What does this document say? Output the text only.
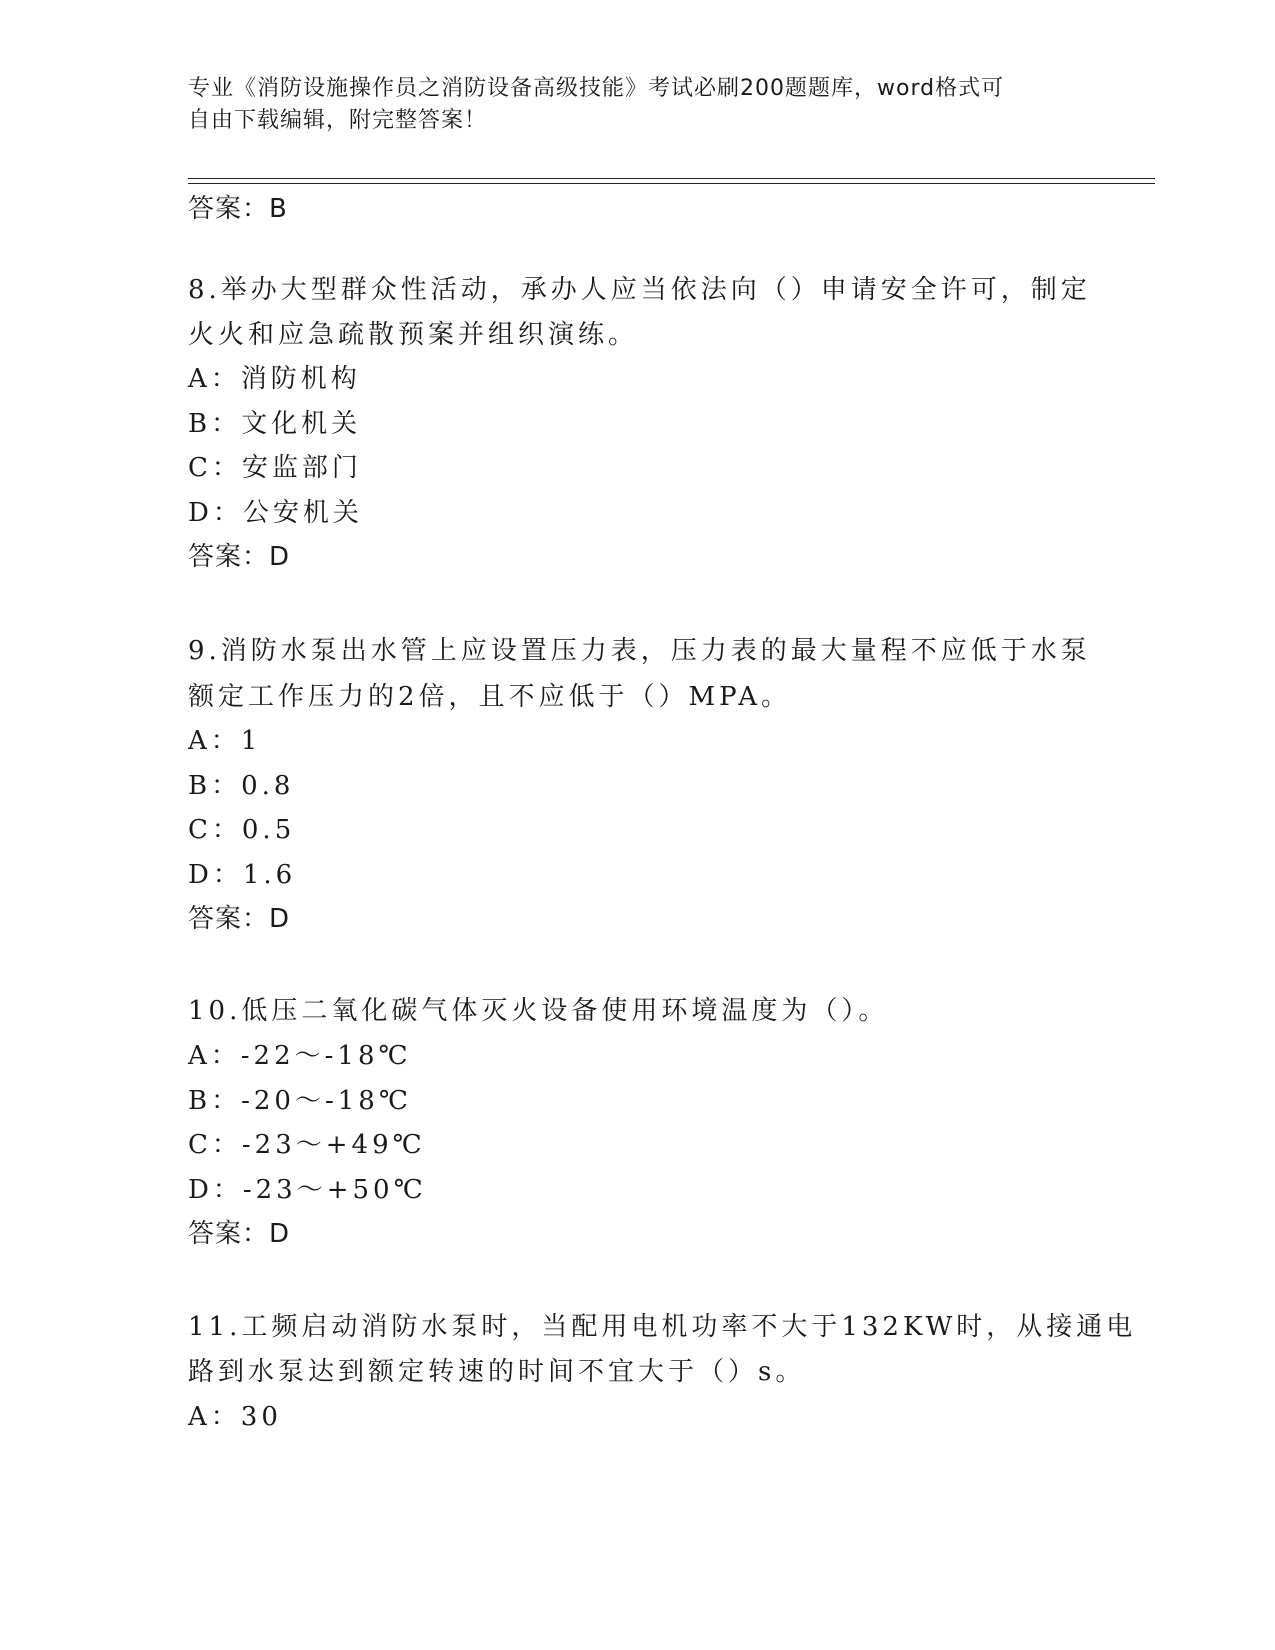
专业《消防设施操作员之消防设备高级技能》考试必刷200题题库，word格式可
自由下载编辑，附完整答案！
答案：B
8.举办大型群众性活动，承办人应当依法向（）申请安全许可，制定
火火和应急疏散预案并组织演练。
A：消防机构
B：文化机关
C：安监部门
D：公安机关
答案：D
9.消防水泵出水管上应设置压力表，压力表的最大量程不应低于水泵
额定工作压力的2倍，且不应低于（）MPA。
A：1
B：0.8
C：0.5
D：1.6
答案：D
10.低压二氧化碳气体灭火设备使用环境温度为（）。
A：-22～-18℃
B：-20～-18℃
C：-23～+49℃
D：-23～+50℃
答案：D
11.工频启动消防水泵时，当配用电机功率不大于132KW时，从接通电
路到水泵达到额定转速的时间不宜大于（）s。
A：30
